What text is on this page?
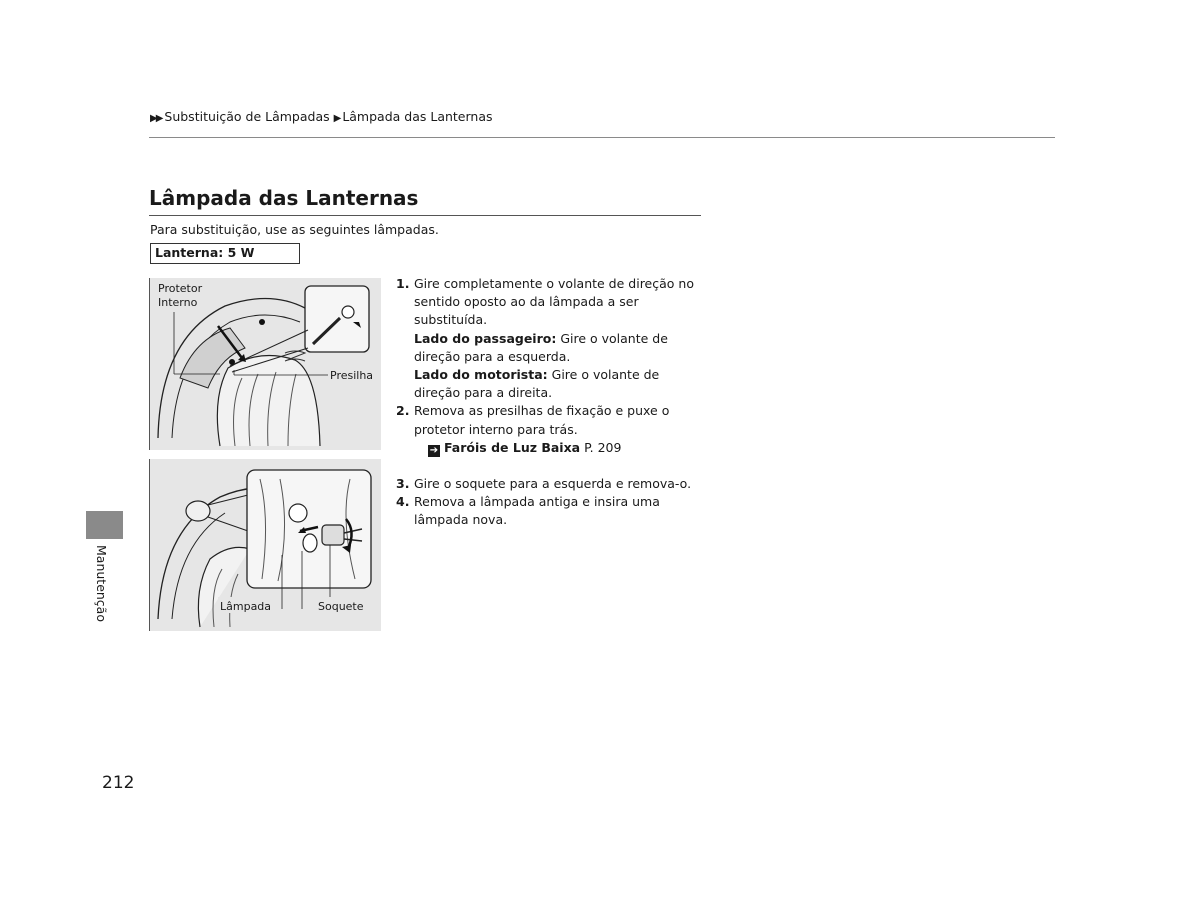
▶▶ Substituição de Lâmpadas ▶ Lâmpada das Lanternas
Lâmpada das Lanternas
Para substituição, use as seguintes lâmpadas.
Lanterna: 5 W
Protetor
Interno
Presilha
Lâmpada	Soquete
1. Gire completamente o volante de direção no sentido oposto ao da lâmpada a ser substituída.
Lado do passageiro: Gire o volante de direção para a esquerda.
Lado do motorista: Gire o volante de direção para a direita.
2. Remova as presilhas de fixação e puxe o protetor interno para trás.
➔ Faróis de Luz Baixa P. 209
3. Gire o soquete para a esquerda e remova-o.
4. Remova a lâmpada antiga e insira uma lâmpada nova.
Manutenção
212
